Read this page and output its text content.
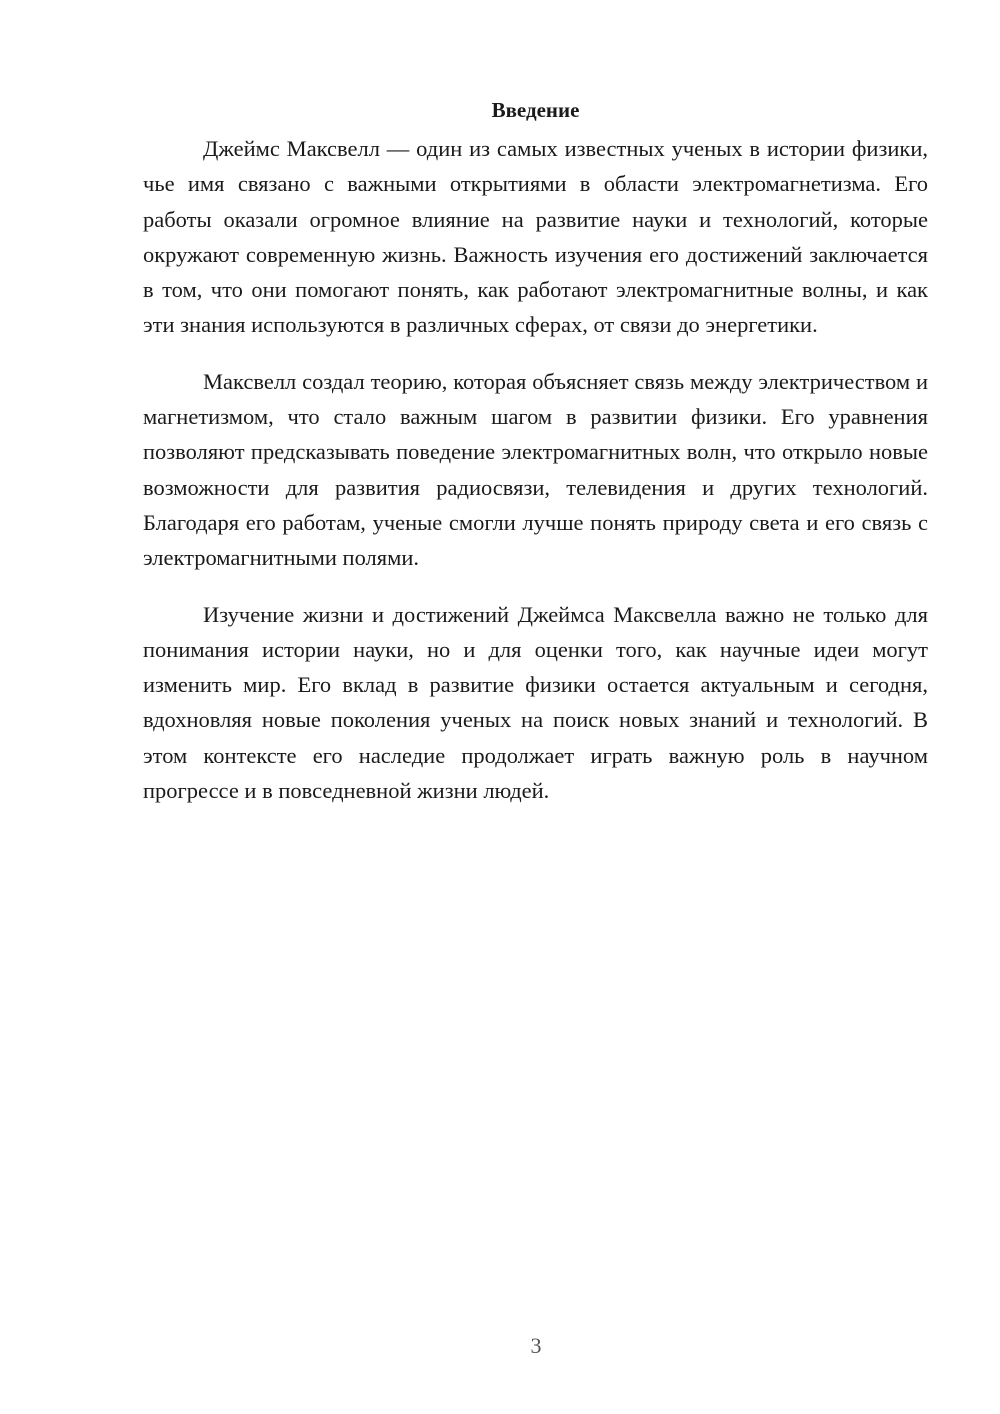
Введение

Джеймс Максвелл — один из самых известных ученых в истории физики, чье имя связано с важными открытиями в области электромагнетизма. Его работы оказали огромное влияние на развитие науки и технологий, которые окружают современную жизнь. Важность изучения его достижений заключается в том, что они помогают понять, как работают электромагнитные волны, и как эти знания используются в различных сферах, от связи до энергетики.

Максвелл создал теорию, которая объясняет связь между электричеством и магнетизмом, что стало важным шагом в развитии физики. Его уравнения позволяют предсказывать поведение электромагнитных волн, что открыло новые возможности для развития радиосвязи, телевидения и других технологий. Благодаря его работам, ученые смогли лучше понять природу света и его связь с электромагнитными полями.

Изучение жизни и достижений Джеймса Максвелла важно не только для понимания истории науки, но и для оценки того, как научные идеи могут изменить мир. Его вклад в развитие физики остается актуальным и сегодня, вдохновляя новые поколения ученых на поиск новых знаний и технологий. В этом контексте его наследие продолжает играть важную роль в научном прогрессе и в повседневной жизни людей.

3
